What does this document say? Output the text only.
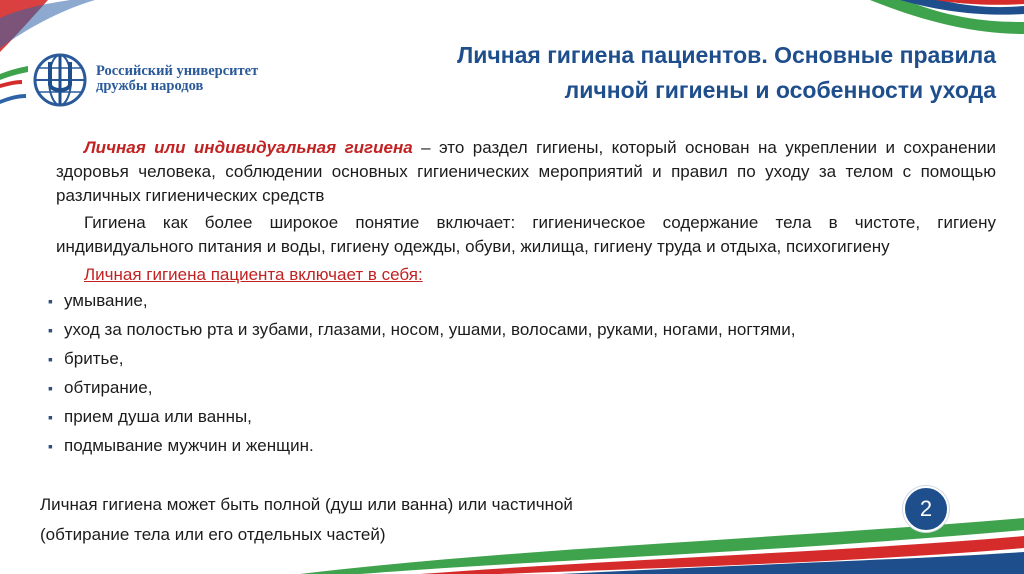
Российский университет
дружбы народов
Личная гигиена пациентов. Основные правила
личной гигиены и особенности ухода

Личная или индивидуальная гигиена – это раздел гигиены, который основан на укреплении и сохранении здоровья человека, соблюдении основных гигиенических мероприятий и правил по уходу за телом с помощью различных гигиенических средств

Гигиена как более широкое понятие включает: гигиеническое содержание тела в чистоте, гигиену индивидуального питания и воды, гигиену одежды, обуви, жилища, гигиену труда и отдыха, психогигиену

Личная гигиена пациента включает в себя:
▪ умывание,
▪ уход за полостью рта и зубами, глазами, носом, ушами, волосами, руками, ногами, ногтями,
▪ бритье,
▪ обтирание,
▪ прием душа или ванны,
▪ подмывание мужчин и женщин.
Личная гигиена может быть полной (душ или ванна) или частичной
(обтирание тела или его отдельных частей)
2
